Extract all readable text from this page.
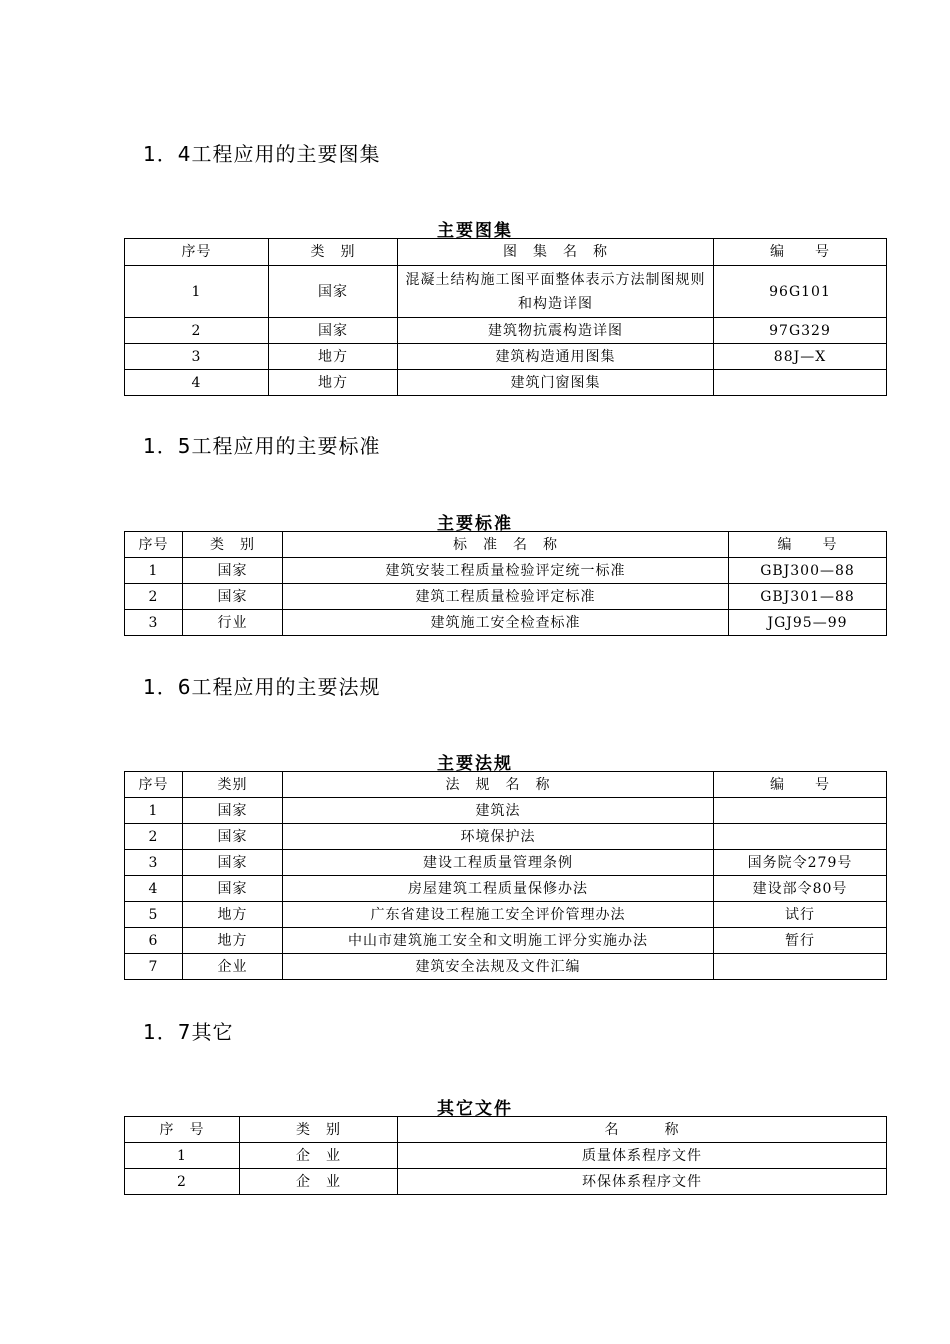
1．4工程应用的主要图集
主要图集
序号	类　别	图　集　名　称	编　　号
1	国家	混凝土结构施工图平面整体表示方法制图规则和构造详图	96G101
2	国家	建筑物抗震构造详图	97G329
3	地方	建筑构造通用图集	88J—X
4	地方	建筑门窗图集	
1．5工程应用的主要标准
主要标准
序号	类　别	标　准　名　称	编　　号
1	国家	建筑安装工程质量检验评定统一标准	GBJ300—88
2	国家	建筑工程质量检验评定标准	GBJ301—88
3	行业	建筑施工安全检查标准	JGJ95—99
1．6工程应用的主要法规
主要法规
序号	类别	法　规　名　称	编　　号
1	国家	建筑法	
2	国家	环境保护法	
3	国家	建设工程质量管理条例	国务院令279号
4	国家	房屋建筑工程质量保修办法	建设部令80号
5	地方	广东省建设工程施工安全评价管理办法	试行
6	地方	中山市建筑施工安全和文明施工评分实施办法	暂行
7	企业	建筑安全法规及文件汇编	
1．7其它
其它文件
序　号	类　别	名　　　称
1	企　业	质量体系程序文件
2	企　业	环保体系程序文件
